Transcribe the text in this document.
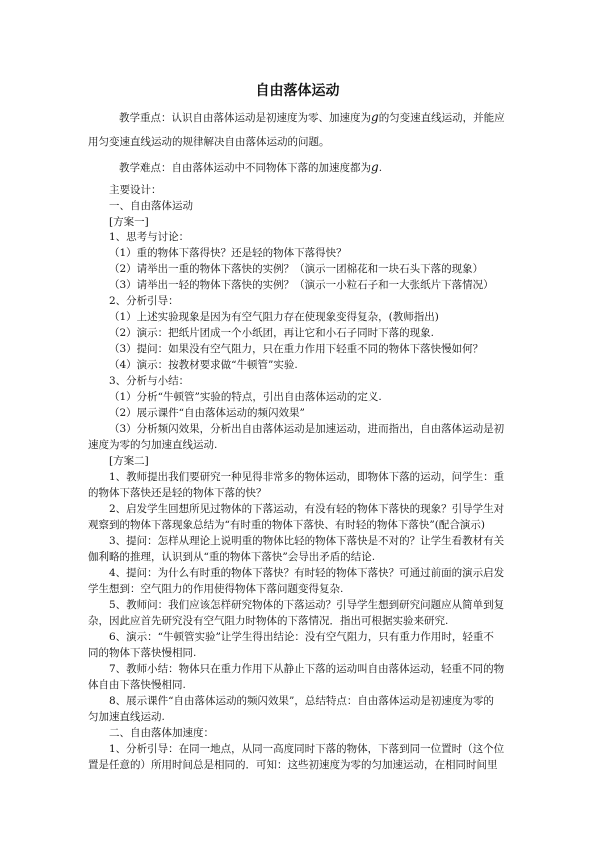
自由落体运动
教学重点：认识自由落体运动是初速度为零、加速度为g的匀变速直线运动，并能应
用匀变速直线运动的规律解决自由落体运动的问题。
教学难点：自由落体运动中不同物体下落的加速度都为g.
主要设计：
一、自由落体运动
[方案一]
1、思考与讨论：
（1）重的物体下落得快？还是轻的物体下落得快？
（2）请举出一重的物体下落快的实例？（演示一团棉花和一块石头下落的现象）
（3）请举出一轻的物体下落快的实例？（演示一小粒石子和一大张纸片下落情况）
2、分析引导：
（1）上述实验现象是因为有空气阻力存在使现象变得复杂，(教师指出)
（2）演示：把纸片团成一个小纸团，再让它和小石子同时下落的现象.
（3）提问：如果没有空气阻力，只在重力作用下轻重不同的物体下落快慢如何？
（4）演示：按教材要求做“牛顿管”实验.
3、分析与小结：
（1）分析“牛顿管”实验的特点，引出自由落体运动的定义.
（2）展示课件“自由落体运动的频闪效果”
（3）分析频闪效果，分析出自由落体运动是加速运动，进而指出，自由落体运动是初
速度为零的匀加速直线运动.
[方案二]
1、教师提出我们要研究一种见得非常多的物体运动，即物体下落的运动，问学生：重
的物体下落快还是轻的物体下落的快？
2、启发学生回想所见过物体的下落运动，有没有轻的物体下落快的现象？引导学生对
观察到的物体下落现象总结为“有时重的物体下落快、有时轻的物体下落快”(配合演示)
3、提问：怎样从理论上说明重的物体比轻的物体下落快是不对的？让学生看教材有关
伽利略的推理，认识到从“重的物体下落快”会导出矛盾的结论.
4、提问：为什么有时重的物体下落快？有时轻的物体下落快？可通过前面的演示启发
学生想到：空气阻力的作用使得物体下落问题变得复杂.
5、教师问：我们应该怎样研究物体的下落运动？引导学生想到研究问题应从简单到复
杂，因此应首先研究没有空气阻力时物体的下落情况．指出可根据实验来研究.
6、演示：“牛顿管实验”让学生得出结论：没有空气阻力，只有重力作用时，轻重不
同的物体下落快慢相同.
7、教师小结：物体只在重力作用下从静止下落的运动叫自由落体运动，轻重不同的物
体自由下落快慢相同.
8、展示课件“自由落体运动的频闪效果”，总结特点：自由落体运动是初速度为零的
匀加速直线运动.
二、自由落体加速度：
1、分析引导：在同一地点，从同一高度同时下落的物体，下落到同一位置时（这个位
置是任意的）所用时间总是相同的．可知：这些初速度为零的匀加速运动，在相同时间里
